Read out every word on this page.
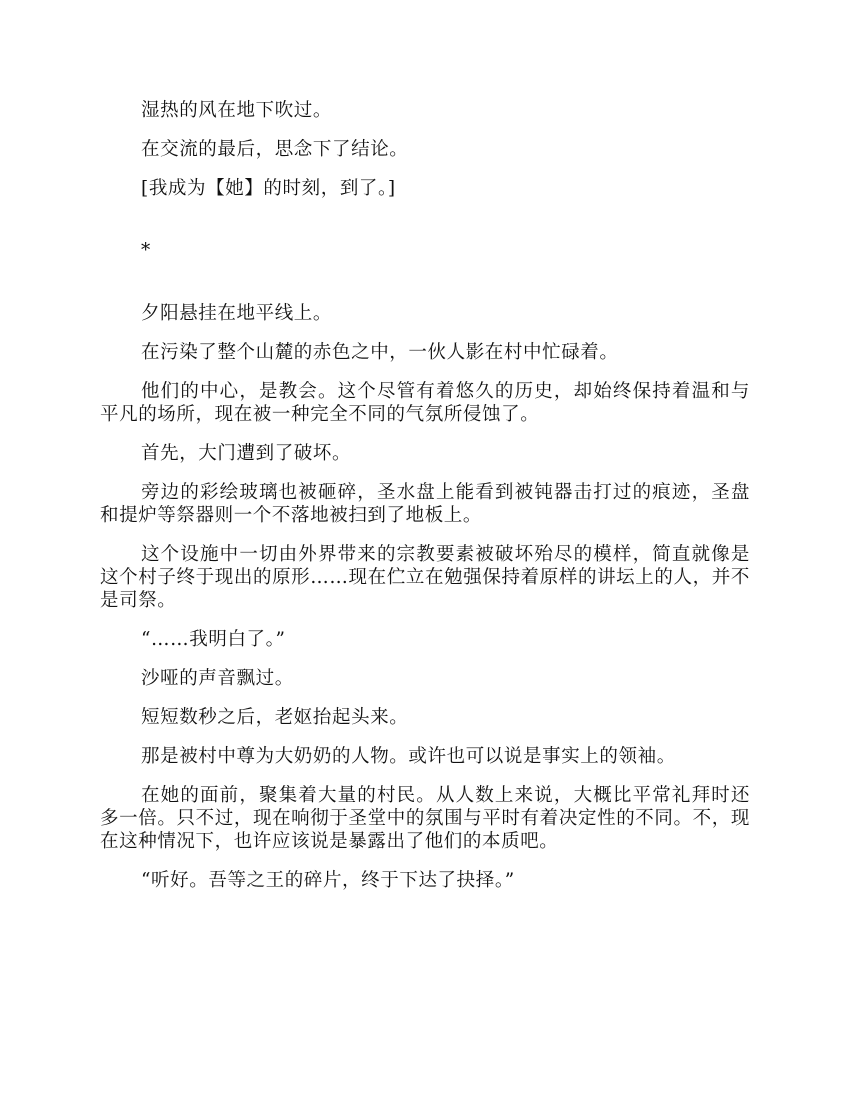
湿热的风在地下吹过。

在交流的最后，思念下了结论。

[我成为【她】的时刻，到了。]

*

夕阳悬挂在地平线上。

在污染了整个山麓的赤色之中，一伙人影在村中忙碌着。

他们的中心，是教会。这个尽管有着悠久的历史，却始终保持着温和与平凡的场所，现在被一种完全不同的气氛所侵蚀了。

首先，大门遭到了破坏。

旁边的彩绘玻璃也被砸碎，圣水盘上能看到被钝器击打过的痕迹，圣盘和提炉等祭器则一个不落地被扫到了地板上。

这个设施中一切由外界带来的宗教要素被破坏殆尽的模样，简直就像是这个村子终于现出的原形……现在伫立在勉强保持着原样的讲坛上的人，并不是司祭。

“……我明白了。”

沙哑的声音飘过。

短短数秒之后，老妪抬起头来。

那是被村中尊为大奶奶的人物。或许也可以说是事实上的领袖。

在她的面前，聚集着大量的村民。从人数上来说，大概比平常礼拜时还多一倍。只不过，现在响彻于圣堂中的氛围与平时有着决定性的不同。不，现在这种情况下，也许应该说是暴露出了他们的本质吧。

“听好。吾等之王的碎片，终于下达了抉择。”
